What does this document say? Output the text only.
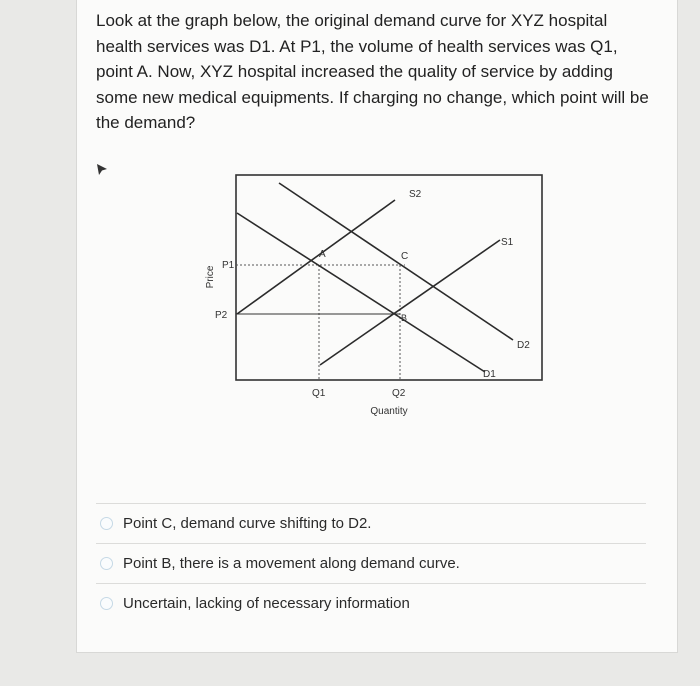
Look at the graph below, the original demand curve for XYZ hospital health services was D1. At P1, the volume of health services was Q1, point A. Now, XYZ hospital increased the quality of service by adding some new medical equipments. If charging no change, which point will be the demand?

Price
P1
P2
Q1	Q2
Quantity
A	C
B
S2
S1
D2
D1
Point C, demand curve shifting to D2.
Point B, there is a movement along demand curve.
Uncertain, lacking of necessary information
